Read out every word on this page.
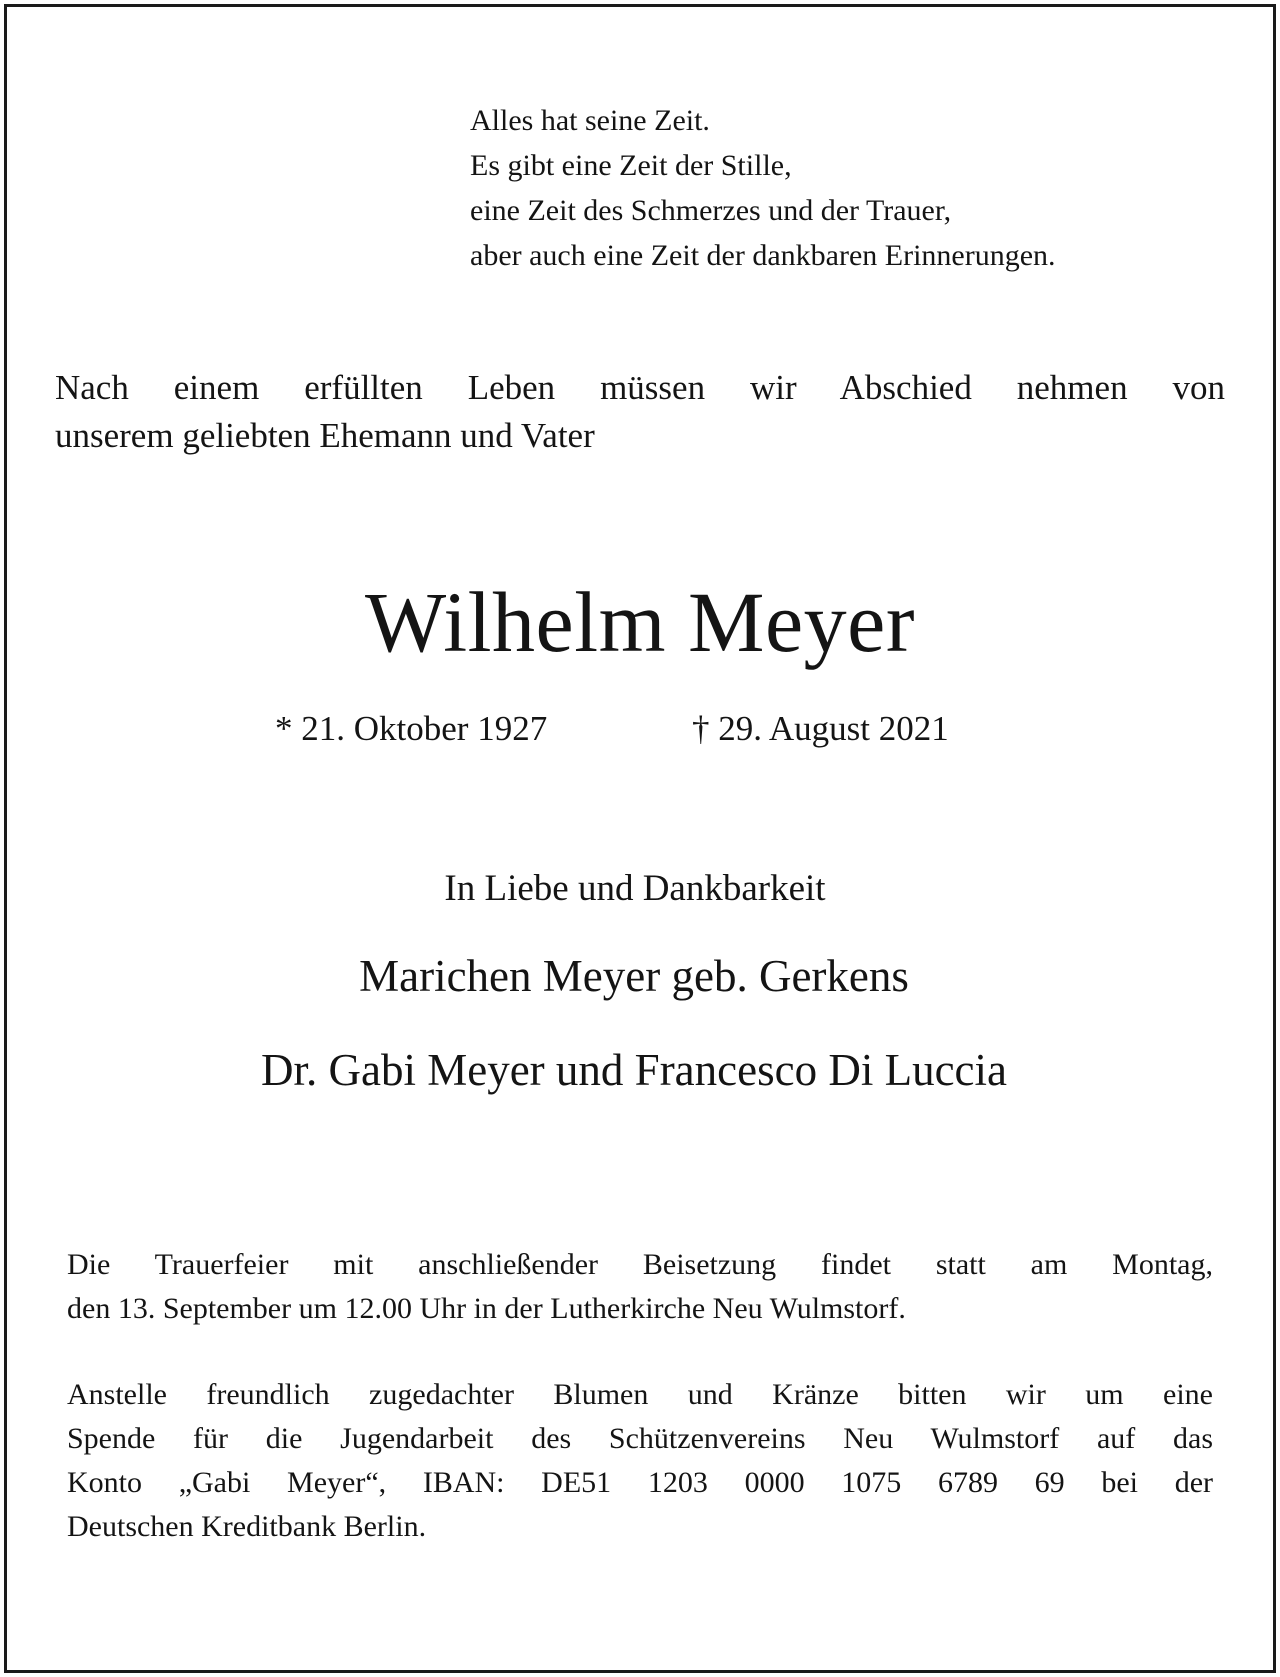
Alles hat seine Zeit.
Es gibt eine Zeit der Stille,
eine Zeit des Schmerzes und der Trauer,
aber auch eine Zeit der dankbaren Erinnerungen.
Nach einem erfüllten Leben müssen wir Abschied nehmen von
unserem geliebten Ehemann und Vater
Wilhelm Meyer
* 21. Oktober 1927	† 29. August 2021
In Liebe und Dankbarkeit
Marichen Meyer geb. Gerkens
Dr. Gabi Meyer und Francesco Di Luccia
Die Trauerfeier mit anschließender Beisetzung findet statt am Montag,
den 13. September um 12.00 Uhr in der Lutherkirche Neu Wulmstorf.
Anstelle freundlich zugedachter Blumen und Kränze bitten wir um eine
Spende für die Jugendarbeit des Schützenvereins Neu Wulmstorf auf das
Konto „Gabi Meyer“, IBAN: DE51 1203 0000 1075 6789 69 bei der
Deutschen Kreditbank Berlin.
